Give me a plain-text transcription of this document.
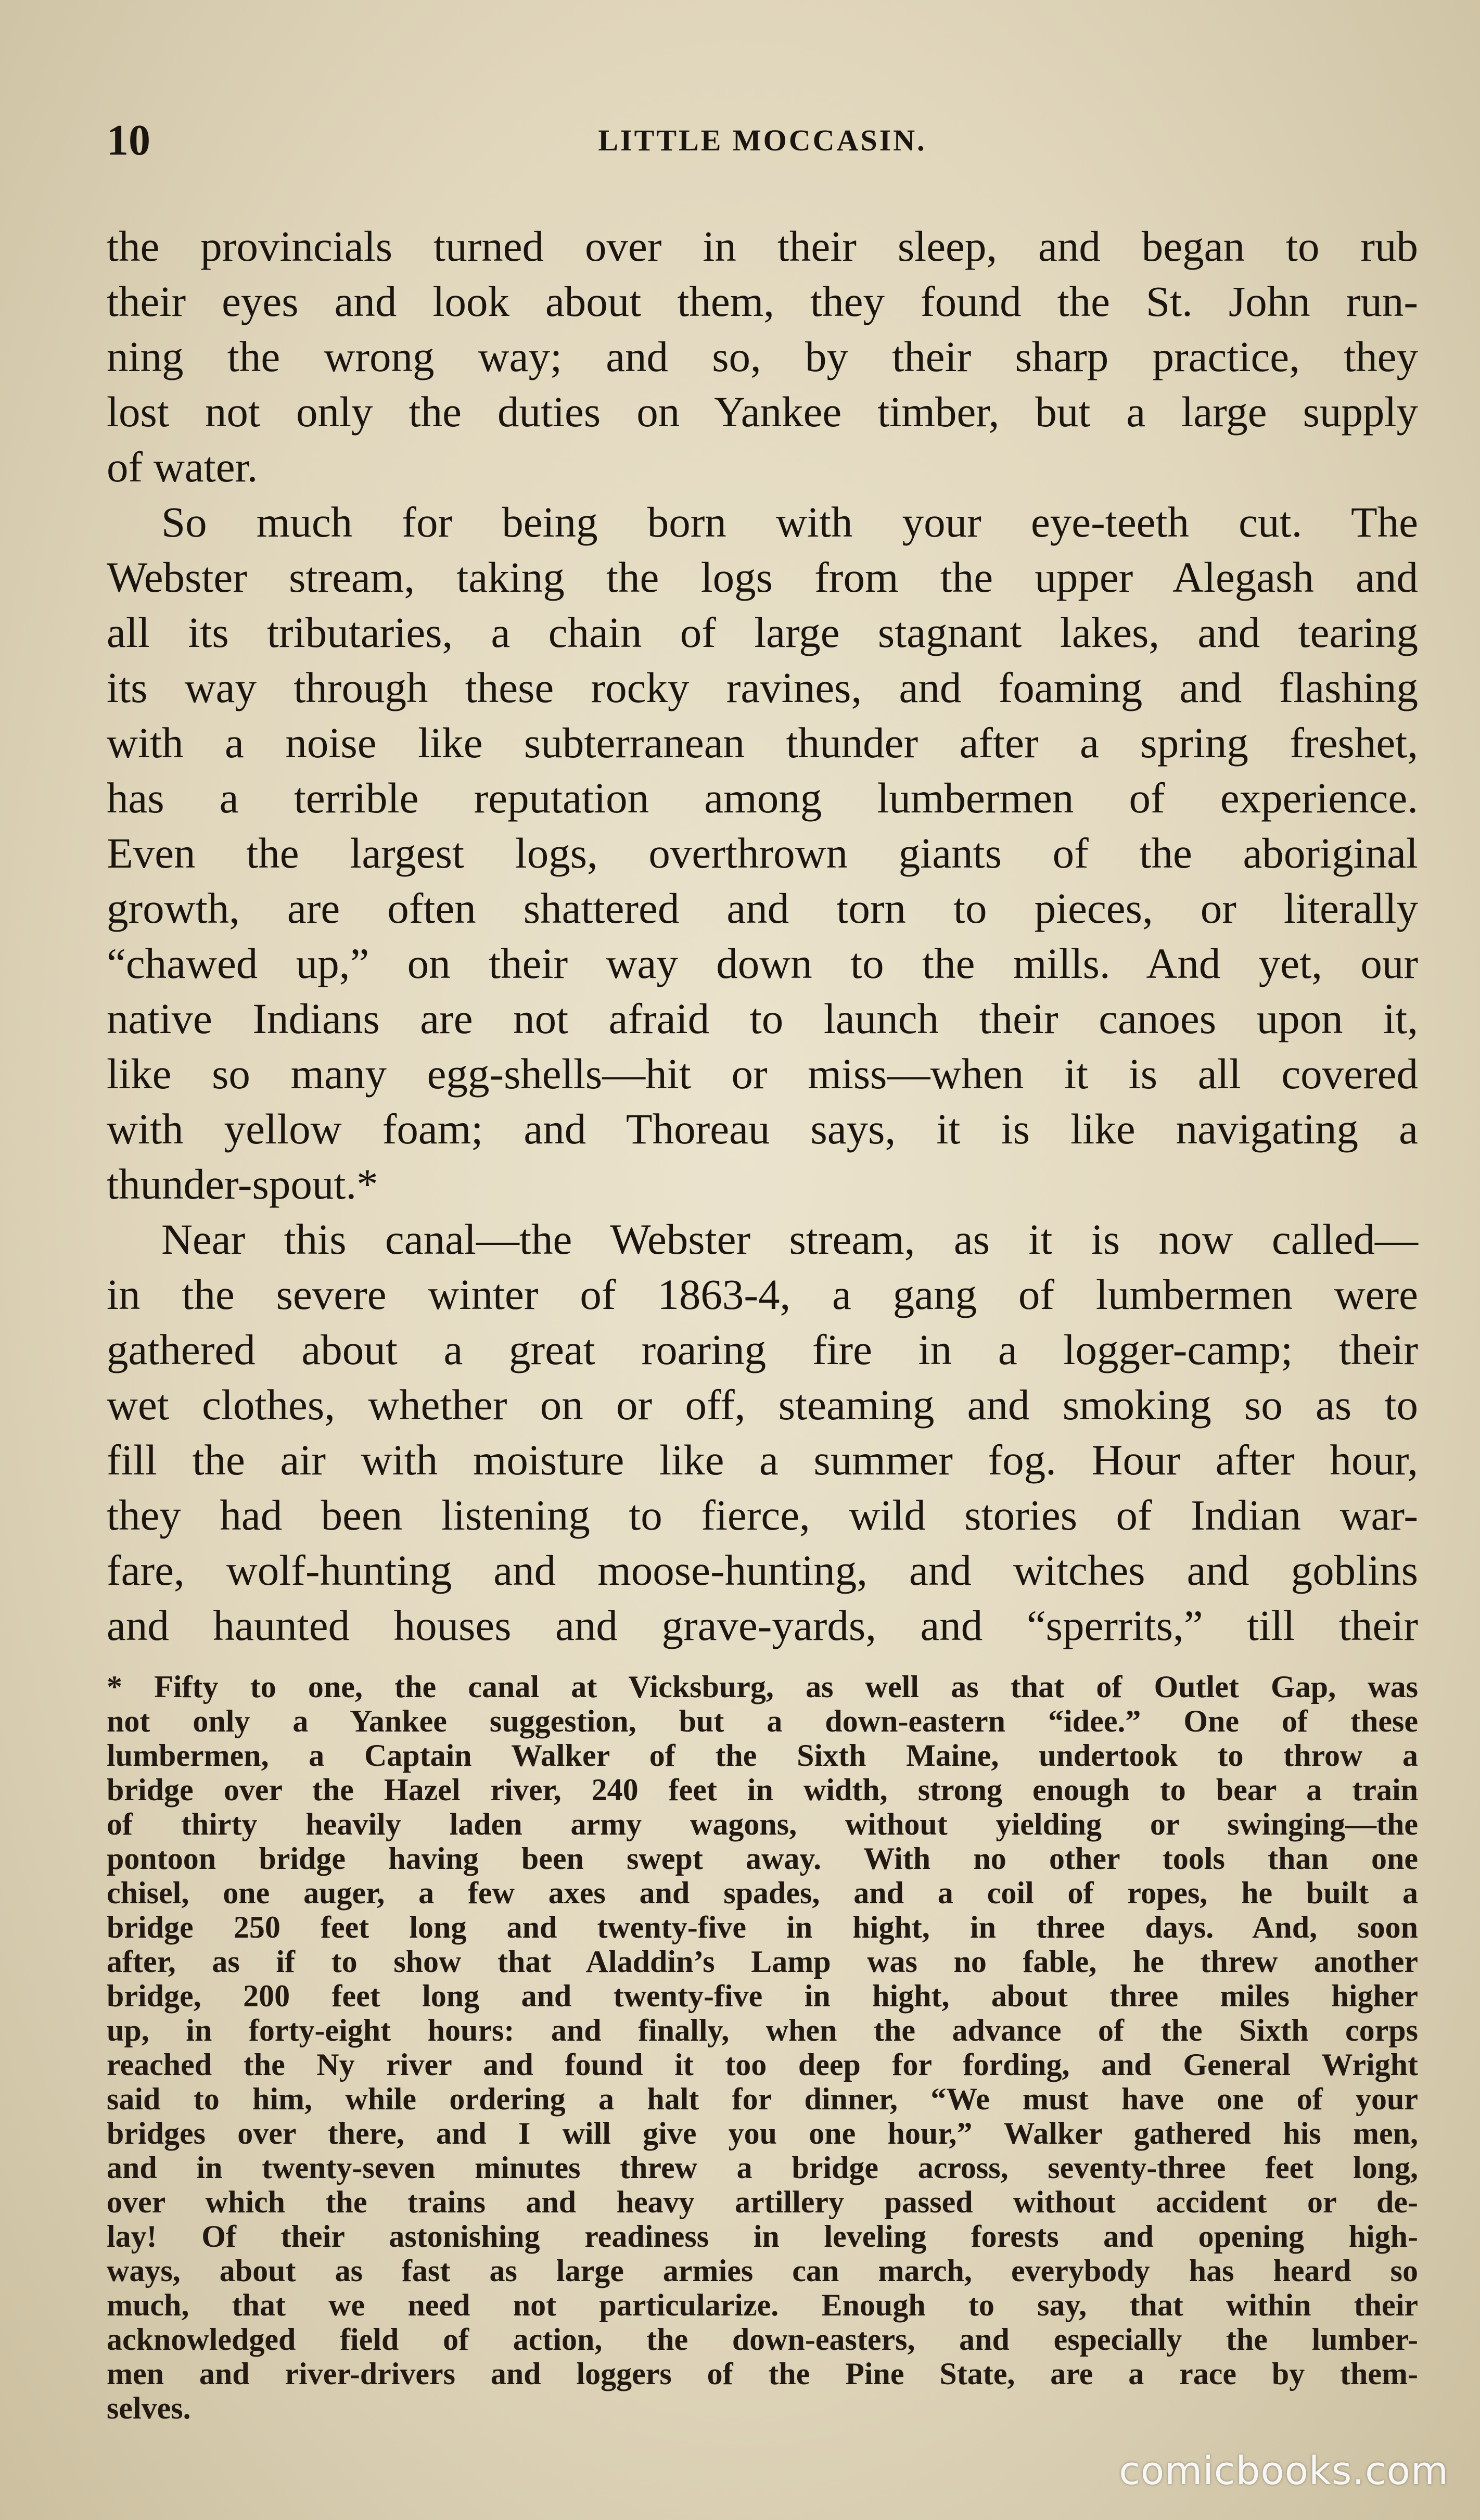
10	LITTLE MOCCASIN.
the provincials turned over in their sleep, and began to rub
their eyes and look about them, they found the St. John run-
ning the wrong way; and so, by their sharp practice, they
lost not only the duties on Yankee timber, but a large supply
of water.
So much for being born with your eye-teeth cut. The
Webster stream, taking the logs from the upper Alegash and
all its tributaries, a chain of large stagnant lakes, and tearing
its way through these rocky ravines, and foaming and flashing
with a noise like subterranean thunder after a spring freshet,
has a terrible reputation among lumbermen of experience.
Even the largest logs, overthrown giants of the aboriginal
growth, are often shattered and torn to pieces, or literally
“chawed up,” on their way down to the mills. And yet, our
native Indians are not afraid to launch their canoes upon it,
like so many egg-shells—hit or miss—when it is all covered
with yellow foam; and Thoreau says, it is like navigating a
thunder-spout.*
Near this canal—the Webster stream, as it is now called—
in the severe winter of 1863-4, a gang of lumbermen were
gathered about a great roaring fire in a logger-camp; their
wet clothes, whether on or off, steaming and smoking so as to
fill the air with moisture like a summer fog. Hour after hour,
they had been listening to fierce, wild stories of Indian war-
fare, wolf-hunting and moose-hunting, and witches and goblins
and haunted houses and grave-yards, and “sperrits,” till their
* Fifty to one, the canal at Vicksburg, as well as that of Outlet Gap, was
not only a Yankee suggestion, but a down-eastern “idee.” One of these
lumbermen, a Captain Walker of the Sixth Maine, undertook to throw a
bridge over the Hazel river, 240 feet in width, strong enough to bear a train
of thirty heavily laden army wagons, without yielding or swinging—the
pontoon bridge having been swept away. With no other tools than one
chisel, one auger, a few axes and spades, and a coil of ropes, he built a
bridge 250 feet long and twenty-five in hight, in three days. And, soon
after, as if to show that Aladdin’s Lamp was no fable, he threw another
bridge, 200 feet long and twenty-five in hight, about three miles higher
up, in forty-eight hours: and finally, when the advance of the Sixth corps
reached the Ny river and found it too deep for fording, and General Wright
said to him, while ordering a halt for dinner, “We must have one of your
bridges over there, and I will give you one hour,” Walker gathered his men,
and in twenty-seven minutes threw a bridge across, seventy-three feet long,
over which the trains and heavy artillery passed without accident or de-
lay! Of their astonishing readiness in leveling forests and opening high-
ways, about as fast as large armies can march, everybody has heard so
much, that we need not particularize. Enough to say, that within their
acknowledged field of action, the down-easters, and especially the lumber-
men and river-drivers and loggers of the Pine State, are a race by them-
selves.
comicbooks.com
